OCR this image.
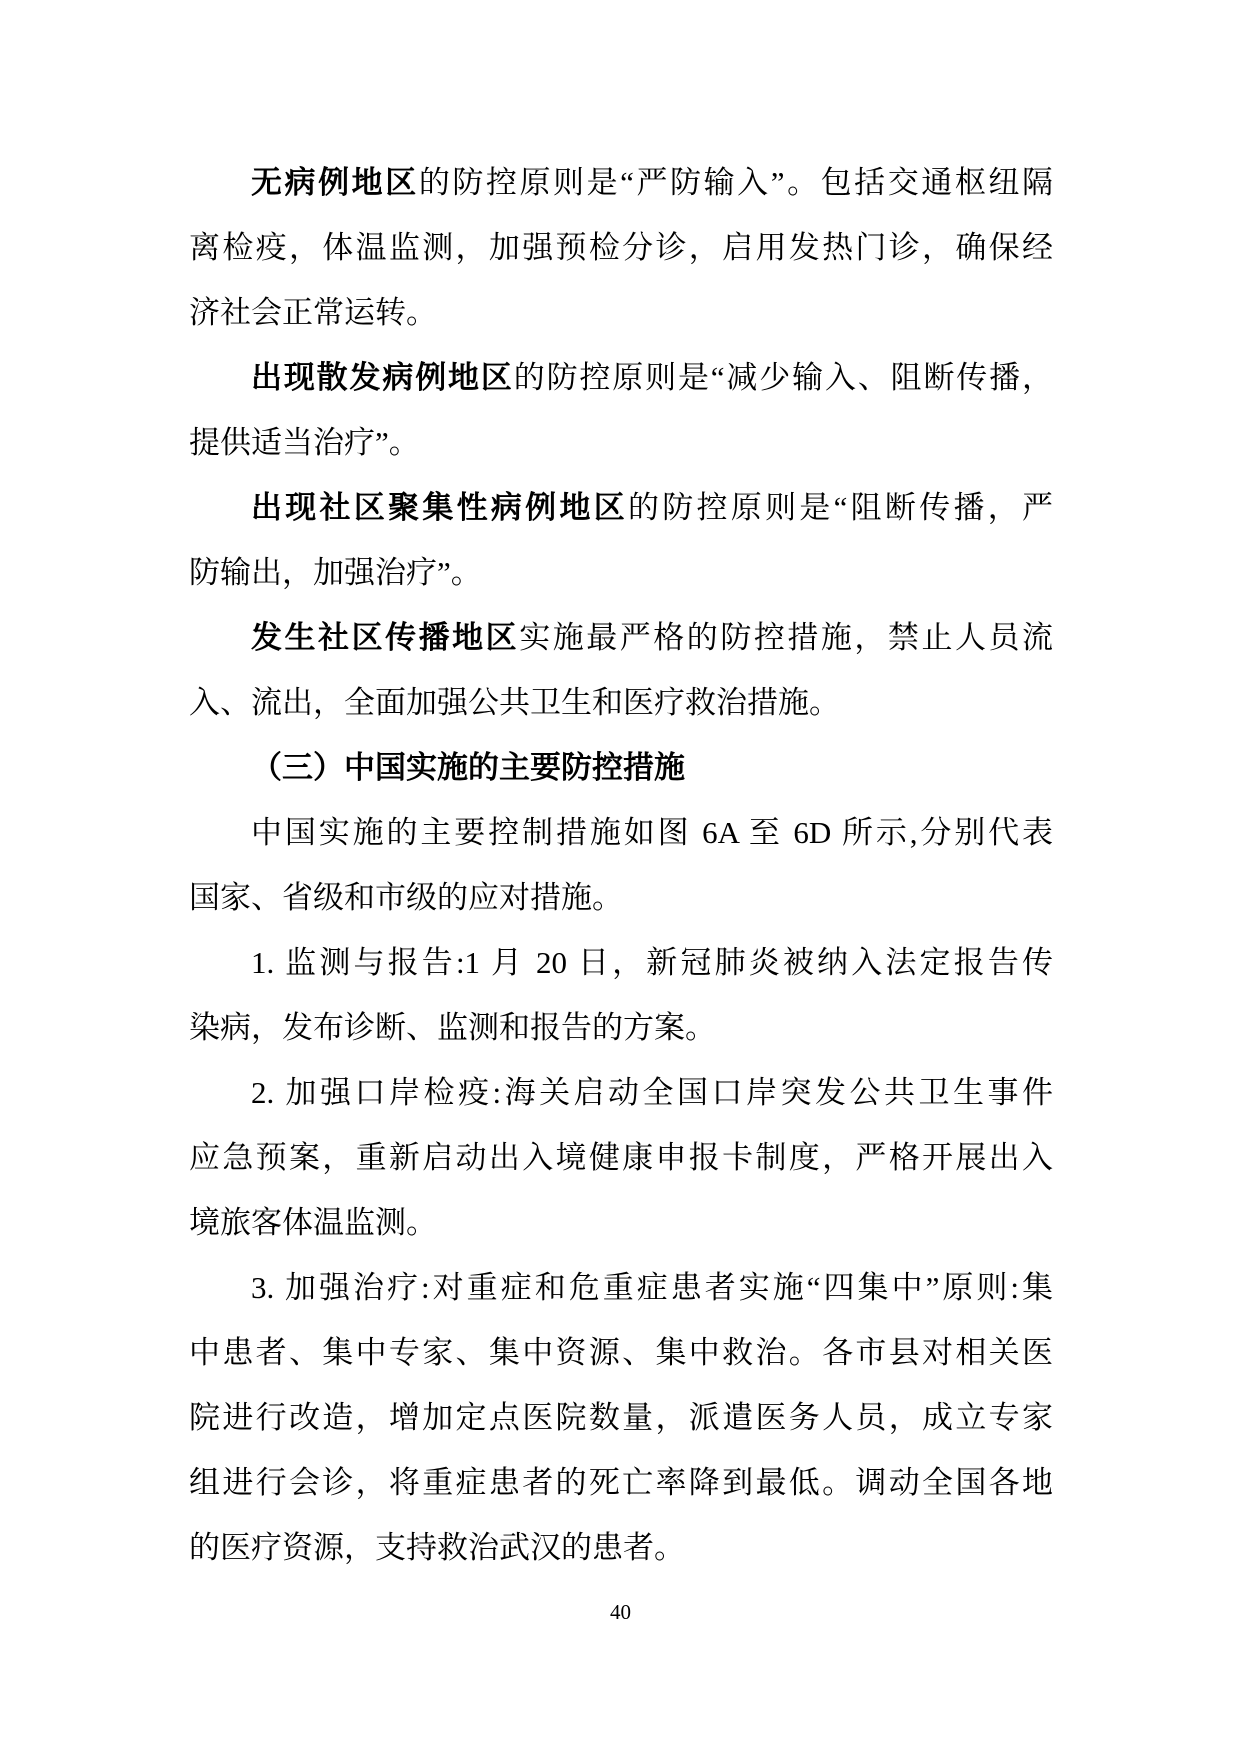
无病例地区的防控原则是“严防输入”。包括交通枢纽隔
离检疫，体温监测，加强预检分诊，启用发热门诊，确保经
济社会正常运转。
出现散发病例地区的防控原则是“减少输入、阻断传播，
提供适当治疗”。
出现社区聚集性病例地区的防控原则是“阻断传播，严
防输出，加强治疗”。
发生社区传播地区实施最严格的防控措施，禁止人员流
入、流出，全面加强公共卫生和医疗救治措施。
（三）中国实施的主要防控措施
中国实施的主要控制措施如图 6A 至 6D 所示,分别代表
国家、省级和市级的应对措施。
1. 监测与报告:1 月 20 日，新冠肺炎被纳入法定报告传
染病，发布诊断、监测和报告的方案。
2. 加强口岸检疫:海关启动全国口岸突发公共卫生事件
应急预案，重新启动出入境健康申报卡制度，严格开展出入
境旅客体温监测。
3. 加强治疗:对重症和危重症患者实施“四集中”原则:集
中患者、集中专家、集中资源、集中救治。各市县对相关医
院进行改造，增加定点医院数量，派遣医务人员，成立专家
组进行会诊，将重症患者的死亡率降到最低。调动全国各地
的医疗资源，支持救治武汉的患者。
40
